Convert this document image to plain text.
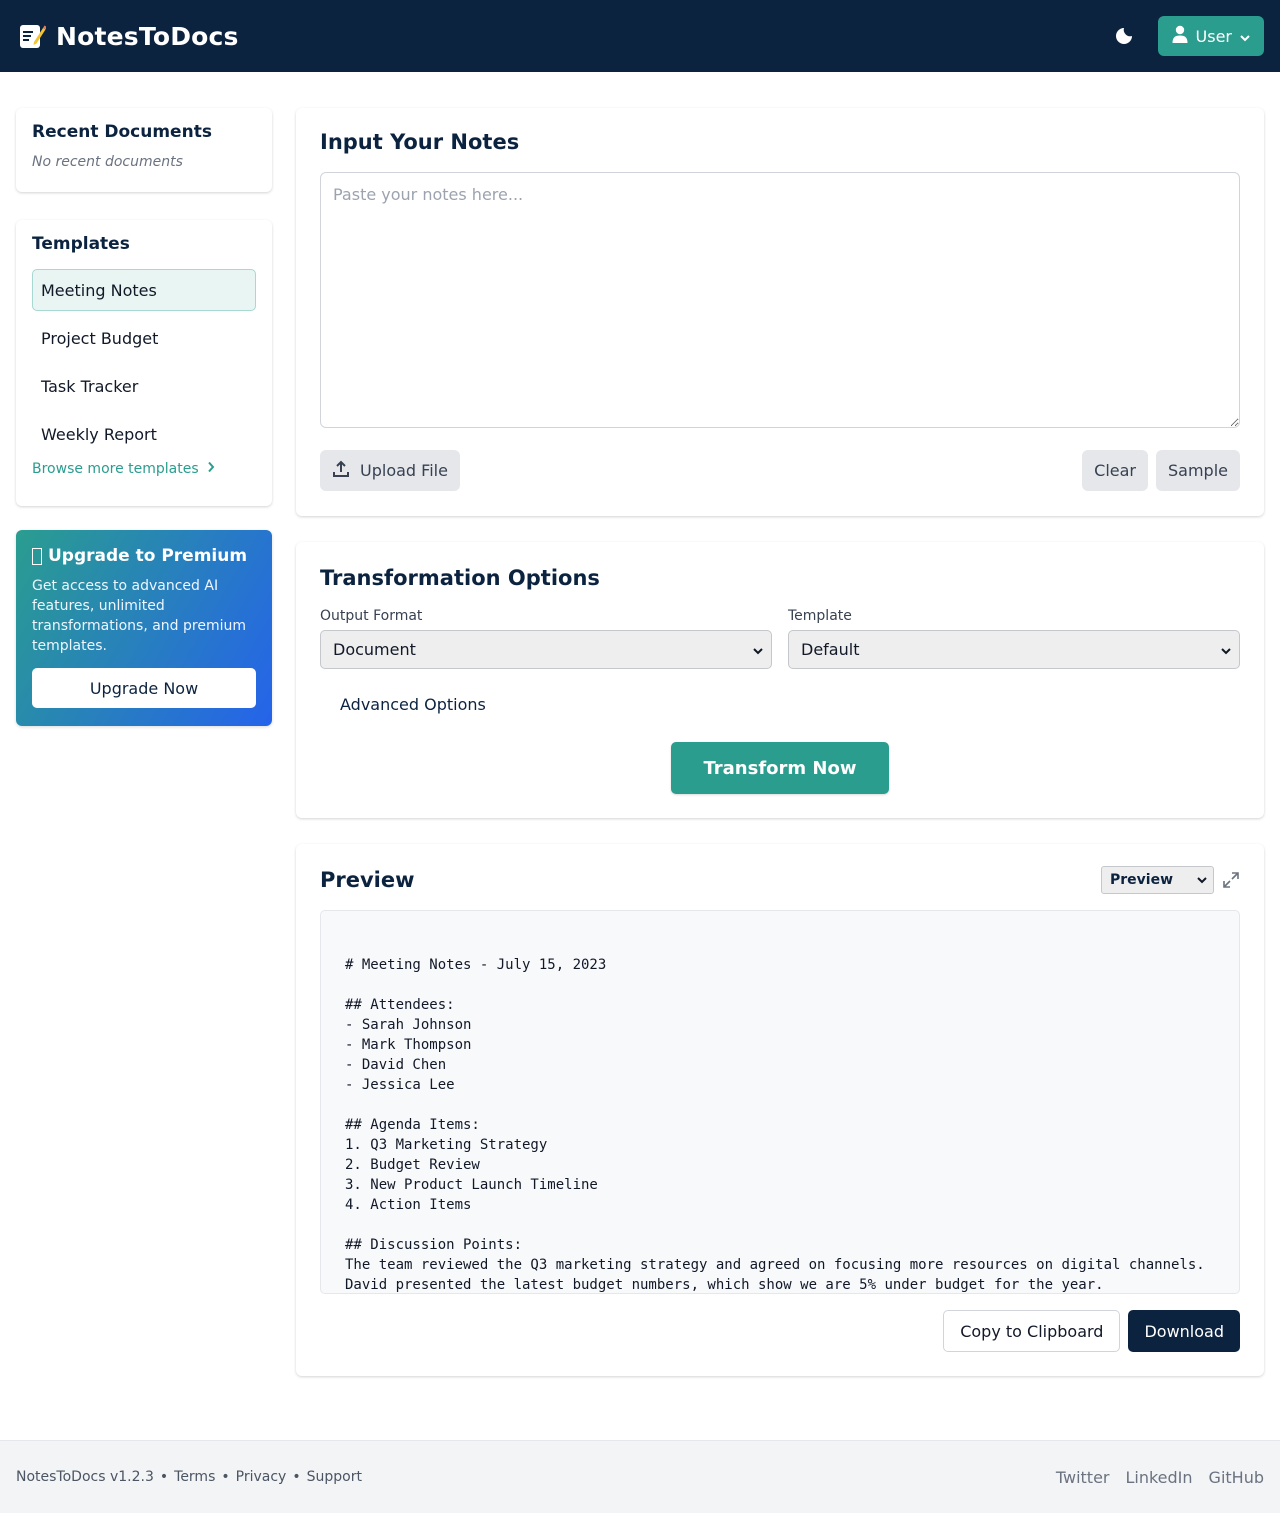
NotesToDocs	User
Recent Documents
No recent documents
Templates
Meeting Notes
Project Budget
Task Tracker
Weekly Report
Browse more templates
Upgrade to Premium
Get access to advanced AI features, unlimited transformations, and premium templates.
Upgrade Now
Input Your Notes
Paste your notes here...
Upload File	Clear	Sample
Transformation Options
Output Format
Document
Template
Default
Advanced Options
Transform Now
Preview	Preview
# Meeting Notes - July 15, 2023

## Attendees:
- Sarah Johnson
- Mark Thompson
- David Chen
- Jessica Lee

## Agenda Items:
1. Q3 Marketing Strategy
2. Budget Review
3. New Product Launch Timeline
4. Action Items

## Discussion Points:
The team reviewed the Q3 marketing strategy and agreed on focusing more resources on digital channels.
David presented the latest budget numbers, which show we are 5% under budget for the year.
Copy to Clipboard	Download
NotesToDocs v1.2.3 • Terms • Privacy • Support	Twitter LinkedIn GitHub
